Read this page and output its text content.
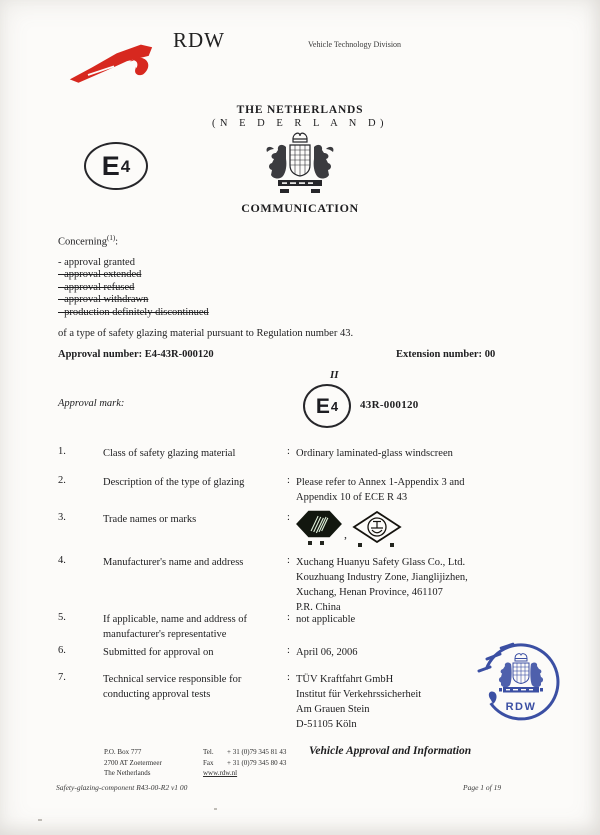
RDW	Vehicle Technology Division
THE NETHERLANDS
(N E D E R L A N D)
COMMUNICATION
E 4
Concerning$^{(1)}$:
- approval granted
- approval extended
- approval refused
- approval withdrawn
- production definitely discontinued
of a type of safety glazing material pursuant to Regulation number 43.
Approval number: E4-43R-000120	Extension number: 00
Approval mark:
II
E 4 43R-000120
1.	Class of safety glazing material	: Ordinary laminated-glass windscreen
2.	Description of the type of glazing	: Please refer to Annex 1-Appendix 3 and
Appendix 10 of ECE R 43
3.	Trade names or marks	:
,
4.	Manufacturer's name and address	: Xuchang Huanyu Safety Glass Co., Ltd.
Kouzhuang Industry Zone, Jianglijizhen,
Xuchang, Henan Province, 461107
P.R. China
5.	If applicable, name and address of
manufacturer's representative
: not applicable
6.	Submitted for approval on	: April 06, 2006
7.	Technical service responsible for
conducting approval tests
: TÜV Kraftfahrt GmbH
Institut für Verkehrssicherheit
Am Grauen Stein
D-51105 Köln
RDW
P.O. Box 777
2700 AT Zoetermeer
The Netherlands
Tel.	+ 31 (0)79 345 81 43
Fax	+ 31 (0)79 345 80 43
www.rdw.nl
Vehicle Approval and Information
Safety-glazing-component R43-00-R2 v1 00	Page 1 of 19
